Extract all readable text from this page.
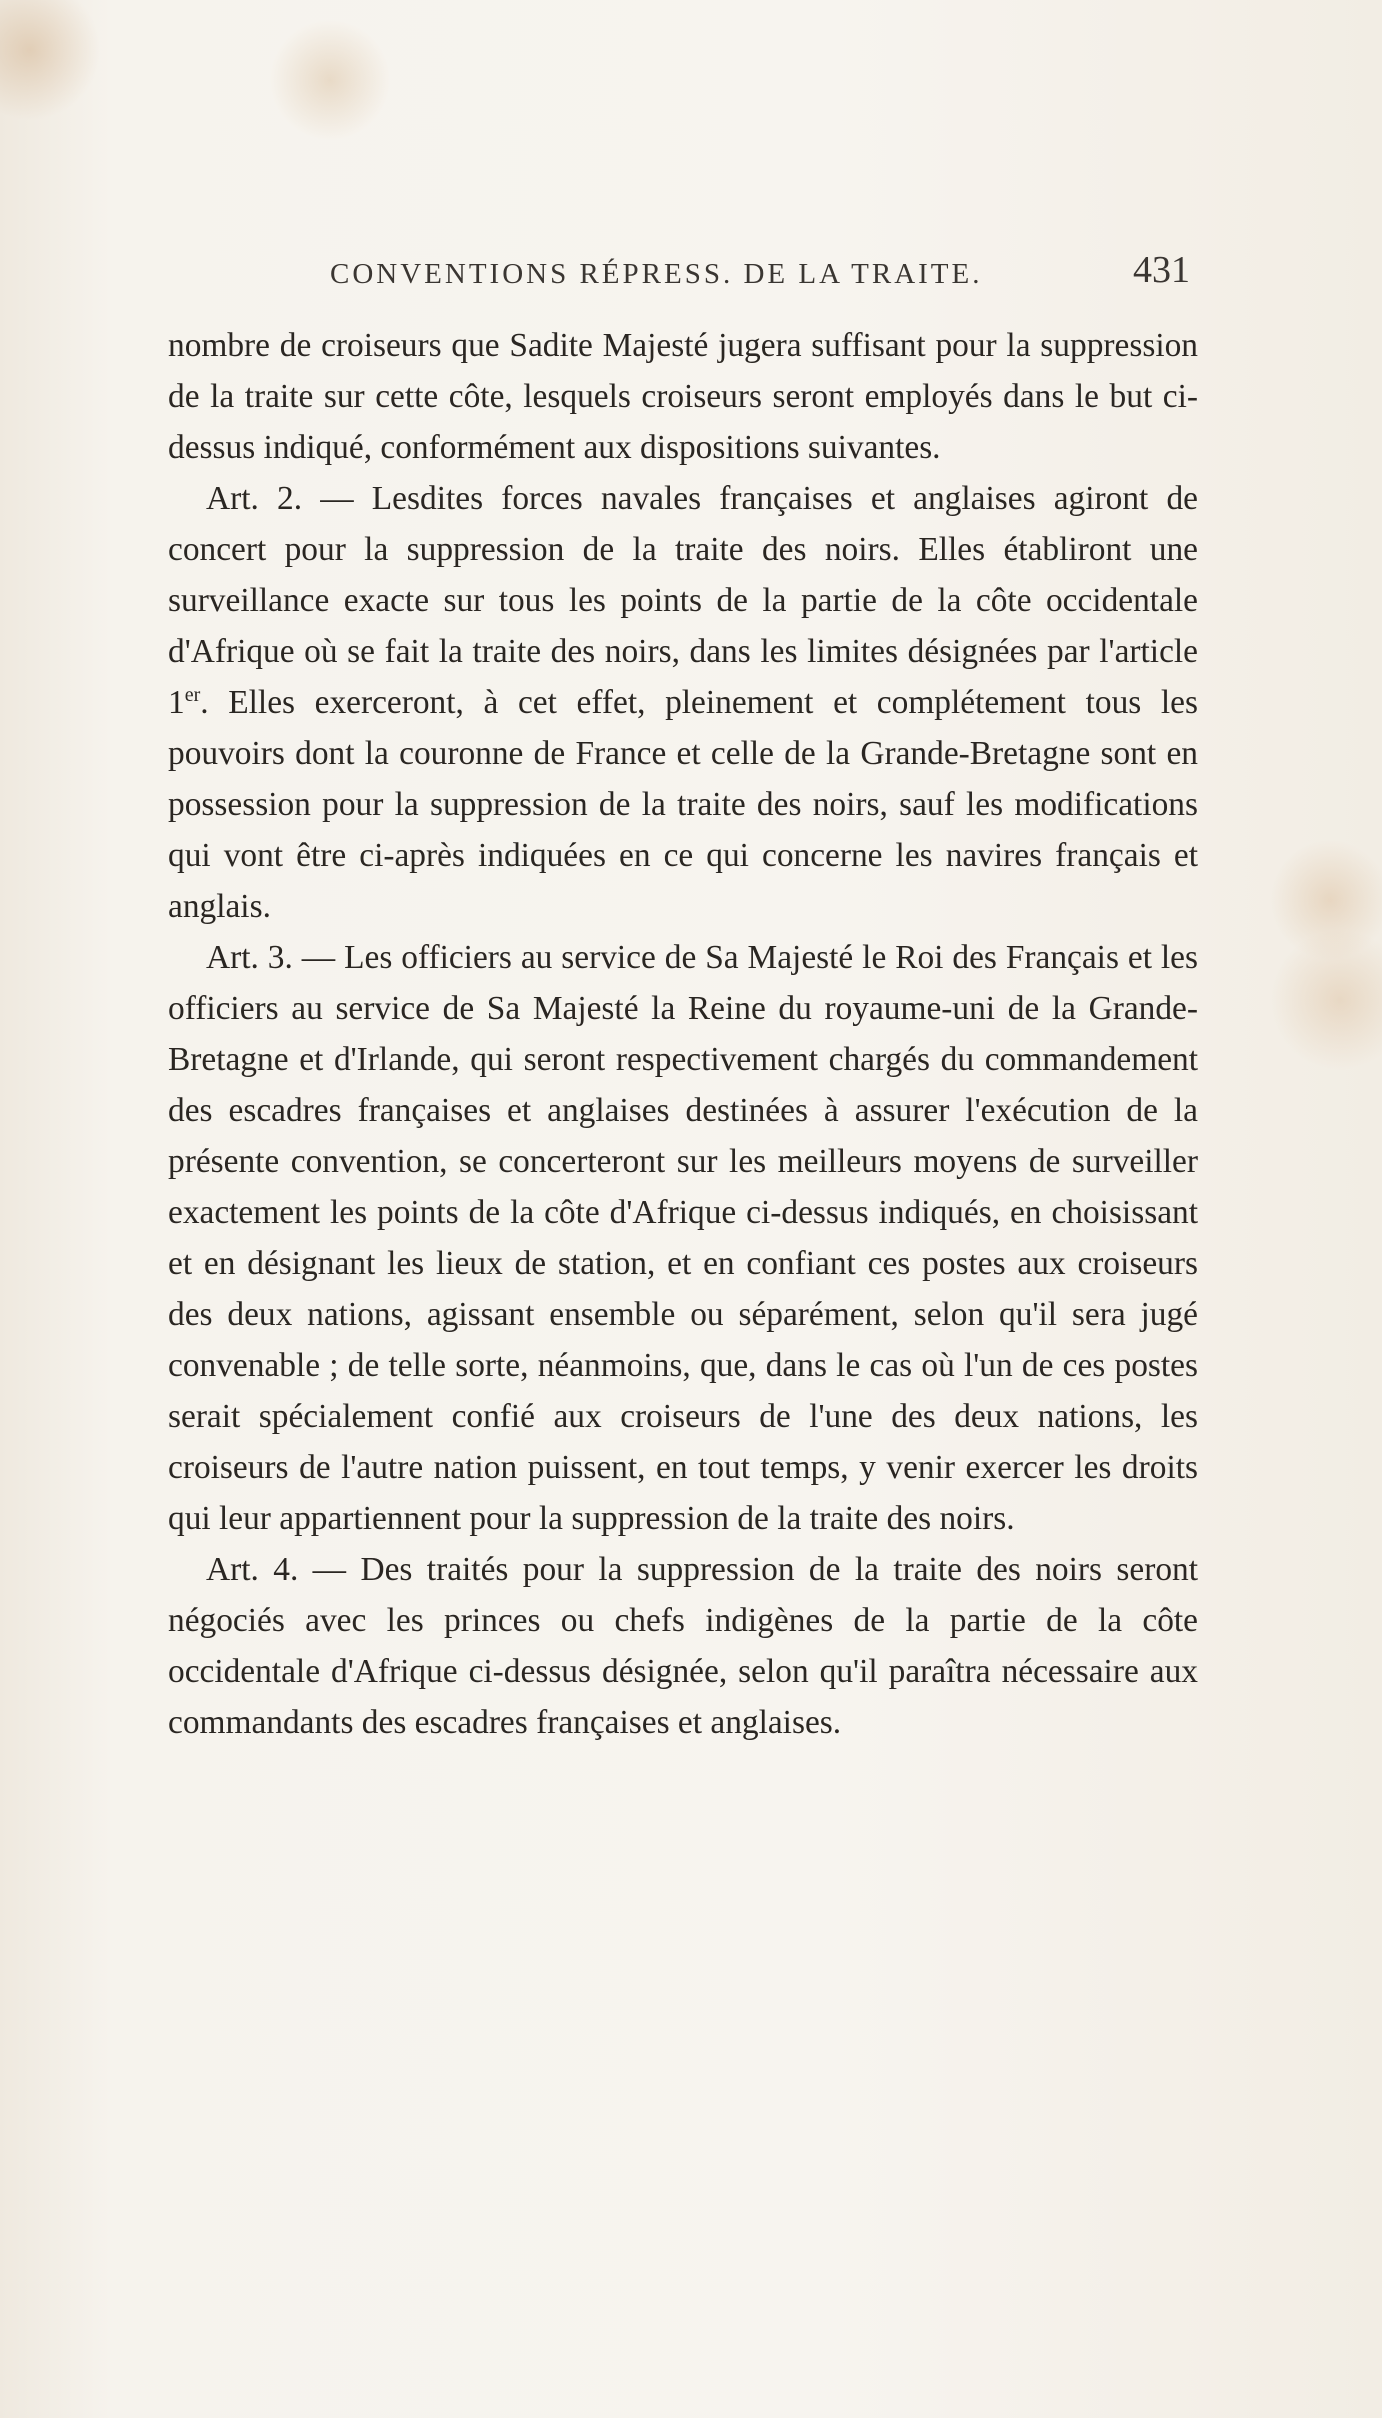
CONVENTIONS RÉPRESS. DE LA TRAITE.	431

nombre de croiseurs que Sadite Majesté jugera suffisant pour la suppression de la traite sur cette côte, lesquels croiseurs seront employés dans le but ci-dessus indiqué, conformément aux dispositions suivantes.

Art. 2. — Lesdites forces navales françaises et anglaises agiront de concert pour la suppression de la traite des noirs. Elles établiront une surveillance exacte sur tous les points de la partie de la côte occidentale d'Afrique où se fait la traite des noirs, dans les limites désignées par l'article 1er. Elles exerceront, à cet effet, pleinement et complétement tous les pouvoirs dont la couronne de France et celle de la Grande-Bretagne sont en possession pour la suppression de la traite des noirs, sauf les modifications qui vont être ci-après indiquées en ce qui concerne les navires français et anglais.

Art. 3. — Les officiers au service de Sa Majesté le Roi des Français et les officiers au service de Sa Majesté la Reine du royaume-uni de la Grande-Bretagne et d'Irlande, qui seront respectivement chargés du commandement des escadres françaises et anglaises destinées à assurer l'exécution de la présente convention, se concerteront sur les meilleurs moyens de surveiller exactement les points de la côte d'Afrique ci-dessus indiqués, en choisissant et en désignant les lieux de station, et en confiant ces postes aux croiseurs des deux nations, agissant ensemble ou séparément, selon qu'il sera jugé convenable ; de telle sorte, néanmoins, que, dans le cas où l'un de ces postes serait spécialement confié aux croiseurs de l'une des deux nations, les croiseurs de l'autre nation puissent, en tout temps, y venir exercer les droits qui leur appartiennent pour la suppression de la traite des noirs.

Art. 4. — Des traités pour la suppression de la traite des noirs seront négociés avec les princes ou chefs indigènes de la partie de la côte occidentale d'Afrique ci-dessus désignée, selon qu'il paraîtra nécessaire aux commandants des escadres françaises et anglaises.
